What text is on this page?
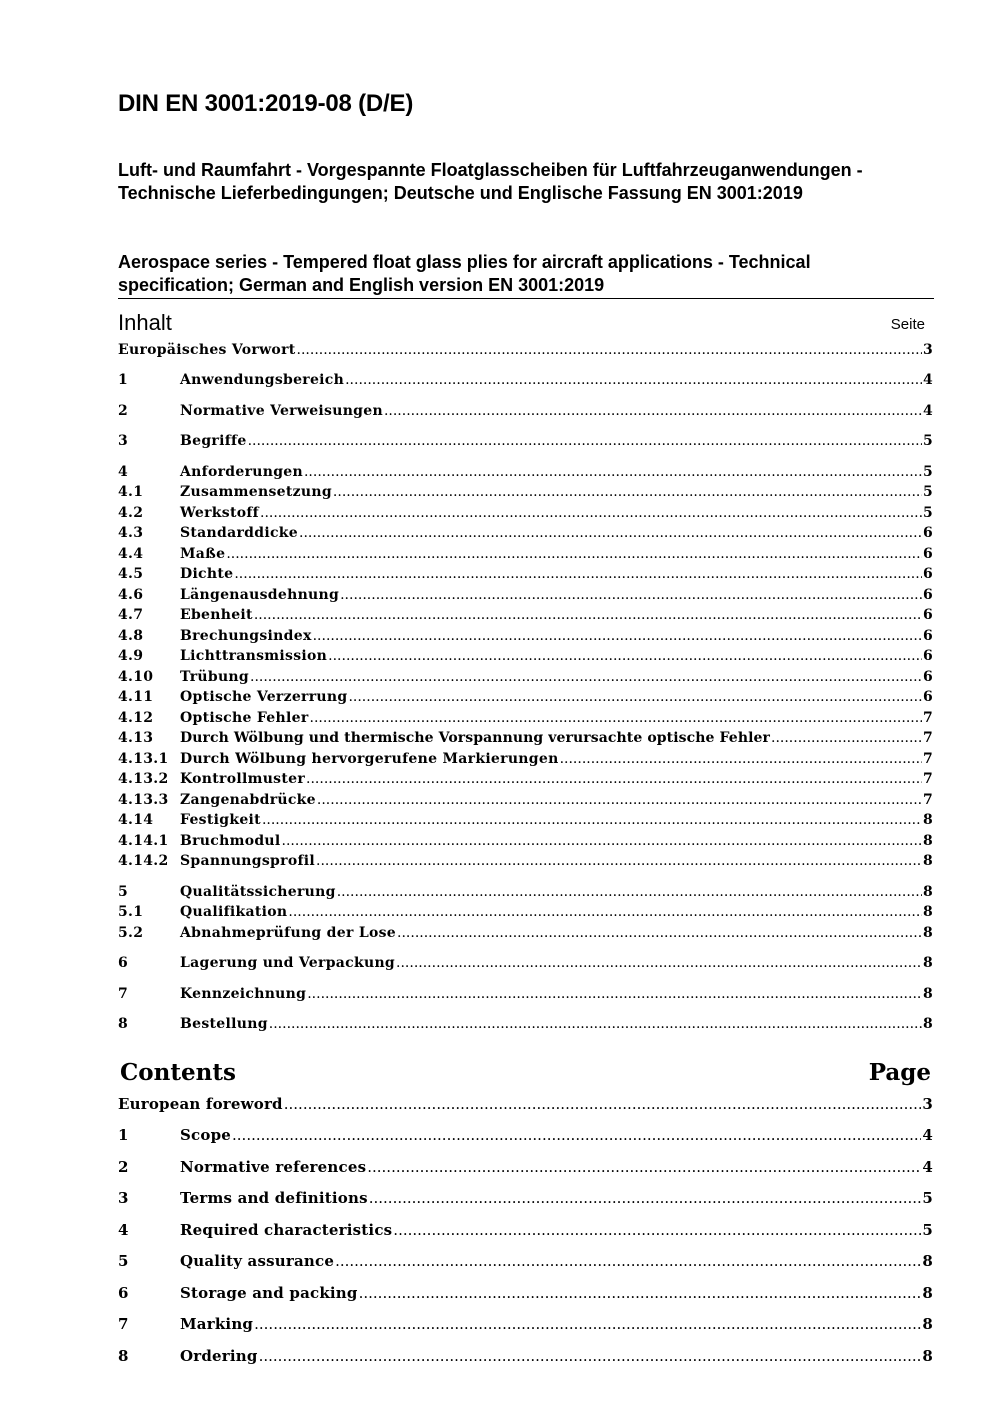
DIN EN 3001:2019-08 (D/E)
Luft- und Raumfahrt - Vorgespannte Floatglasscheiben für Luftfahrzeuganwendungen - Technische Lieferbedingungen; Deutsche und Englische Fassung EN 3001:2019
Aerospace series - Tempered float glass plies for aircraft applications - Technical specification; German and English version EN 3001:2019
Inhalt	Seite
Europäisches Vorwort .....	3
1	Anwendungsbereich .....	4
2	Normative Verweisungen .....	4
3	Begriffe .....	5
4	Anforderungen .....	5
4.1	Zusammensetzung .....	5
4.2	Werkstoff .....	5
4.3	Standarddicke .....	6
4.4	Maße .....	6
4.5	Dichte .....	6
4.6	Längenausdehnung .....	6
4.7	Ebenheit .....	6
4.8	Brechungsindex .....	6
4.9	Lichttransmission .....	6
4.10	Trübung .....	6
4.11	Optische Verzerrung .....	6
4.12	Optische Fehler .....	7
4.13	Durch Wölbung und thermische Vorspannung verursachte optische Fehler .....	7
4.13.1 Durch Wölbung hervorgerufene Markierungen .....	7
4.13.2 Kontrollmuster .....	7
4.13.3 Zangenabdrücke .....	7
4.14	Festigkeit .....	8
4.14.1 Bruchmodul .....	8
4.14.2 Spannungsprofil .....	8
5	Qualitätssicherung .....	8
5.1	Qualifikation .....	8
5.2	Abnahmeprüfung der Lose .....	8
6	Lagerung und Verpackung .....	8
7	Kennzeichnung .....	8
8	Bestellung .....	8
Contents	Page
European foreword .....	3
1	Scope .....	4
2	Normative references .....	4
3	Terms and definitions .....	5
4	Required characteristics .....	5
5	Quality assurance .....	8
6	Storage and packing .....	8
7	Marking .....	8
8	Ordering .....	8
